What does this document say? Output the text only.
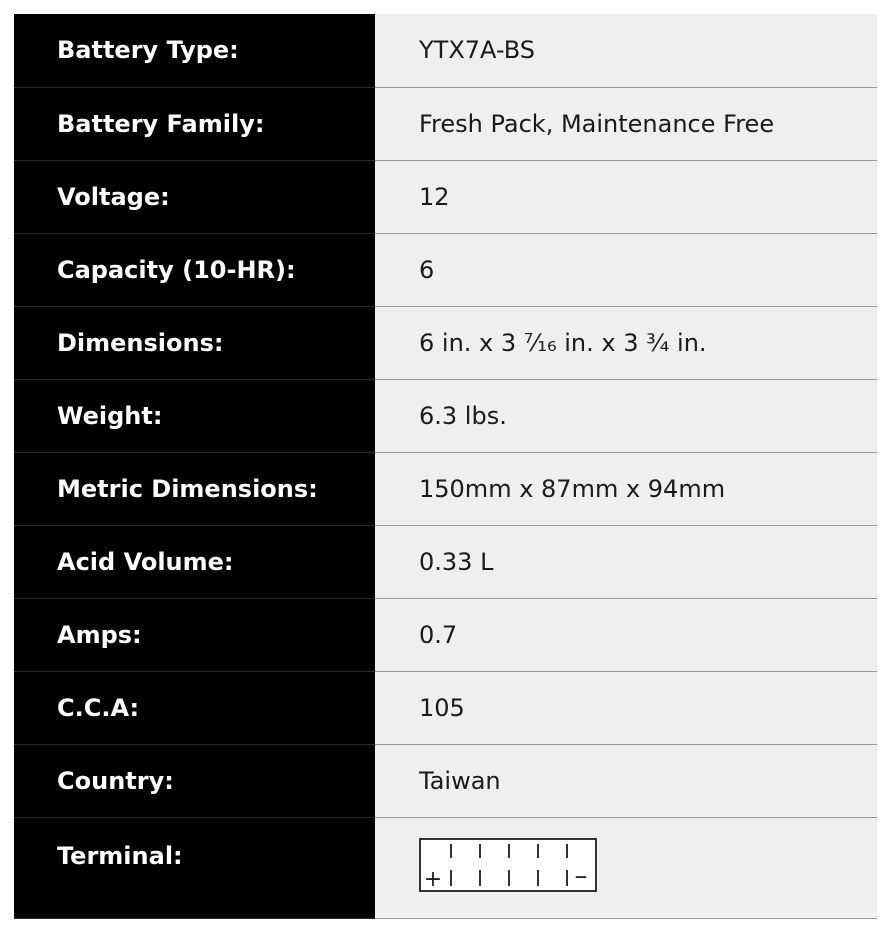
Battery Type:	YTX7A-BS
Battery Family:	Fresh Pack, Maintenance Free
Voltage:	12
Capacity (10-HR):	6
Dimensions:	6 in. x 3 ⁷⁄₁₆ in. x 3 ¾ in.
Weight:	6.3 lbs.
Metric Dimensions:	150mm x 87mm x 94mm
Acid Volume:	0.33 L
Amps:	0.7
C.C.A:	105
Country:	Taiwan
Terminal:	+ –
